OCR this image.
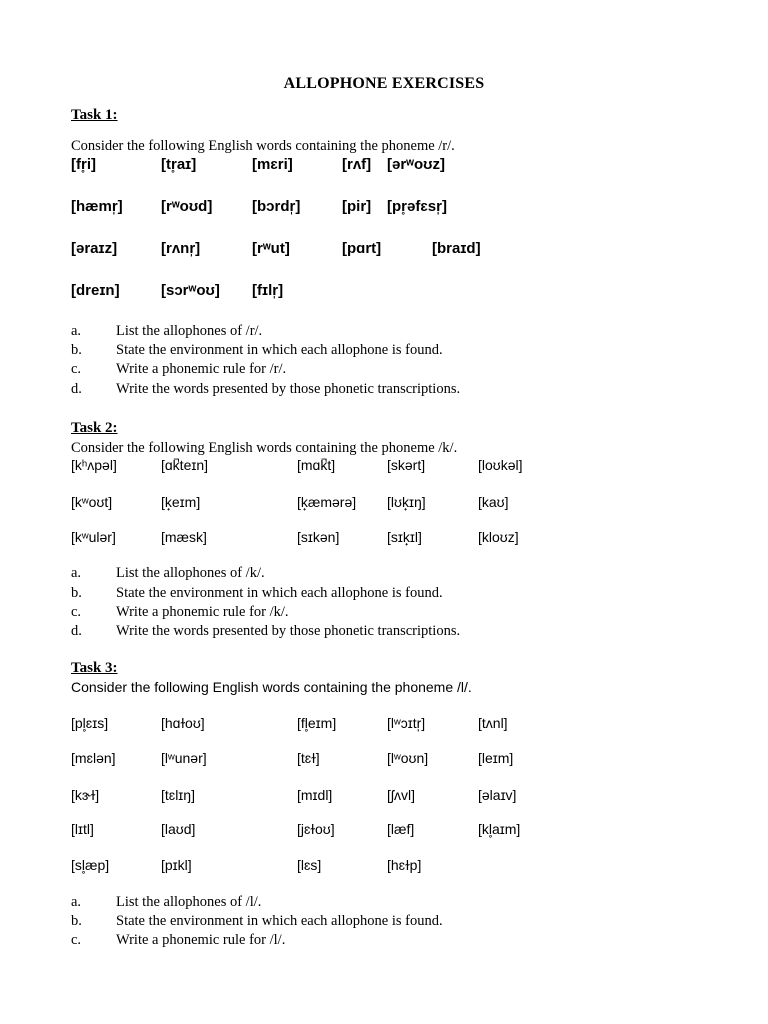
ALLOPHONE EXERCISES
Task 1:
Consider the following English words containing the phoneme /r/.
[fr̥i]	[tr̥aɪ]	[mɛri]	[rʌf] [ərʷoʊz]
[hæmr̩]	[rʷoʊd]	[bɔrdr̩]	[pir] [pr̥əfɛsr̩]
[əraɪz]	[rʌnr̩]	[rʷut]	[pɑrt]	[braɪd]
[dreɪn]	[sɔrʷoʊ] [fɪlr̩]
a. List the allophones of /r/.
b. State the environment in which each allophone is found.
c. Write a phonemic rule for /r/.
d. Write the words presented by those phonetic transcriptions.
Task 2:
Consider the following English words containing the phoneme /k/.
[kʰʌpəl]	[ɑk̚teɪn]	[mɑk̚t]	[skərt]	[loʊkəl]
[kʷoʊt]	[k̟eɪm]	[k̟æmərə] [lʊk̟ɪŋ]	[kaʊ]
[kʷulər]	[mæsk]	[sɪkən]	[sɪk̟ɪl]	[kloʊz]
a. List the allophones of /k/.
b. State the environment in which each allophone is found.
c. Write a phonemic rule for /k/.
d. Write the words presented by those phonetic transcriptions.
Task 3:
Consider the following English words containing the phoneme /l/.
[pl̥ɛɪs]	[hɑɫoʊ]	[fl̥eɪm]	[lʷɔɪtr̩]	[tʌnl]
[mɛlən]	[lʷunər]	[tɛɫ]	[lʷoʊn]	[leɪm]
[kɝɫ]	[tɛlɪŋ]	[mɪdl]	[ʃʌvl]	[əlaɪv]
[lɪtl]	[laʊd]	[jɛɫoʊ]	[læf]	[kl̥aɪm]
[sl̥æp]	[pɪkl]	[lɛs]	[hɛɫp]
a. List the allophones of /l/.
b. State the environment in which each allophone is found.
c. Write a phonemic rule for /l/.
